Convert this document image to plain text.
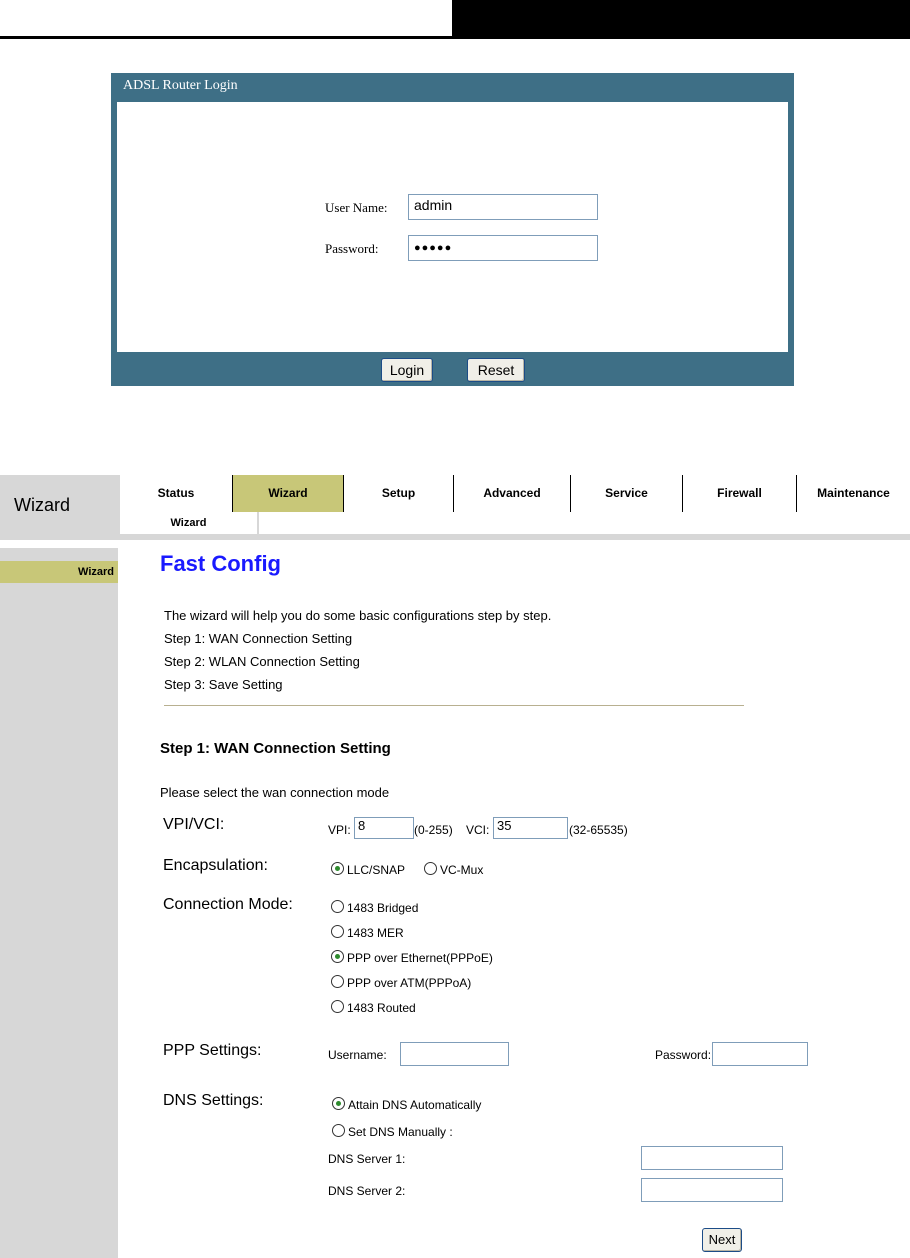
ADSL Router Login
User Name:	admin
Password:	●●●●●
Login	Reset
Wizard
Status	Wizard	Setup	Advanced	Service	Firewall	Maintenance
Wizard
Wizard Fast Config
The wizard will help you do some basic configurations step by step.
Step 1: WAN Connection Setting
Step 2: WLAN Connection Setting
Step 3: Save Setting
Step 1: WAN Connection Setting
Please select the wan connection mode
VPI/VCI:	VPI: 8	(0-255) VCI: 35	(32-65535)
Encapsulation:	LLC/SNAP	VC-Mux
Connection Mode:	1483 Bridged
1483 MER
PPP over Ethernet(PPPoE)
PPP over ATM(PPPoA)
1483 Routed
PPP Settings:	Username:	Password:
DNS Settings:	Attain DNS Automatically
Set DNS Manually :
DNS Server 1:
DNS Server 2:
Next
